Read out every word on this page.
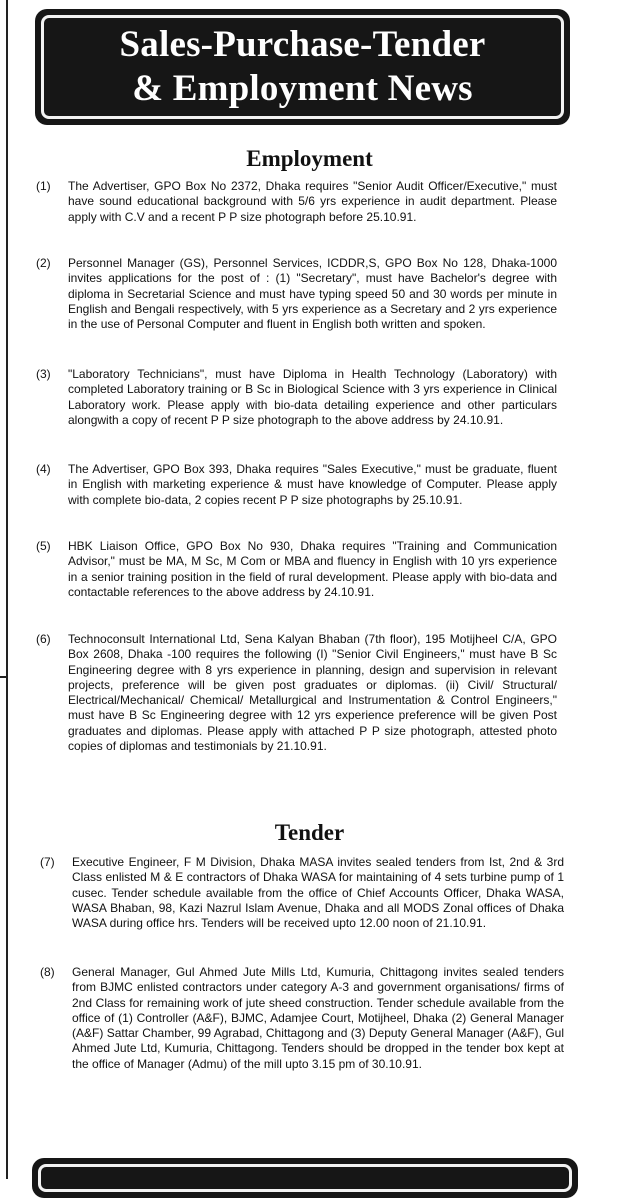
Sales-Purchase-Tender
& Employment News
Employment
(1)	The Advertiser, GPO Box No 2372, Dhaka requires "Senior Audit Officer/Executive," must have sound educational background with 5/6 yrs experience in audit department. Please apply with C.V and a recent P P size photograph before 25.10.91.
(2)	Personnel Manager (GS), Personnel Services, ICDDR,S, GPO Box No 128, Dhaka-1000 invites applications for the post of : (1) "Secretary", must have Bachelor's degree with diploma in Secretarial Science and must have typing speed 50 and 30 words per minute in English and Bengali respectively, with 5 yrs experience as a Secretary and 2 yrs experience in the use of Personal Computer and fluent in English both written and spoken.
(3)	"Laboratory Technicians", must have Diploma in Health Technology (Laboratory) with completed Laboratory training or B Sc in Biological Science with 3 yrs experience in Clinical Laboratory work. Please apply with bio-data detailing experience and other particulars alongwith a copy of recent P P size photograph to the above address by 24.10.91.
(4)	The Advertiser, GPO Box 393, Dhaka requires "Sales Executive," must be graduate, fluent in English with marketing experience & must have knowledge of Computer. Please apply with complete bio-data, 2 copies recent P P size photographs by 25.10.91.
(5)	HBK Liaison Office, GPO Box No 930, Dhaka requires "Training and Communication Advisor," must be MA, M Sc, M Com or MBA and fluency in English with 10 yrs experience in a senior training position in the field of rural development. Please apply with bio-data and contactable references to the above address by 24.10.91.
(6)	Technoconsult International Ltd, Sena Kalyan Bhaban (7th floor), 195 Motijheel C/A, GPO Box 2608, Dhaka -100 requires the following (I) "Senior Civil Engineers," must have B Sc Engineering degree with 8 yrs experience in planning, design and supervision in relevant projects, preference will be given post graduates or diplomas. (ii) Civil/ Structural/ Electrical/Mechanical/ Chemical/ Metallurgical and Instrumentation & Control Engineers," must have B Sc Engineering degree with 12 yrs experience preference will be given Post graduates and diplomas. Please apply with attached P P size photograph, attested photo copies of diplomas and testimonials by 21.10.91.
Tender
(7)	Executive Engineer, F M Division, Dhaka MASA invites sealed tenders from Ist, 2nd & 3rd Class enlisted M & E contractors of Dhaka WASA for maintaining of 4 sets turbine pump of 1 cusec. Tender schedule available from the office of Chief Accounts Officer, Dhaka WASA, WASA Bhaban, 98, Kazi Nazrul Islam Avenue, Dhaka and all MODS Zonal offices of Dhaka WASA during office hrs. Tenders will be received upto 12.00 noon of 21.10.91.
(8)	General Manager, Gul Ahmed Jute Mills Ltd, Kumuria, Chittagong invites sealed tenders from BJMC enlisted contractors under category A-3 and government organisations/ firms of 2nd Class for remaining work of jute sheed construction. Tender schedule available from the office of (1) Controller (A&F), BJMC, Adamjee Court, Motijheel, Dhaka (2) General Manager (A&F) Sattar Chamber, 99 Agrabad, Chittagong and (3) Deputy General Manager (A&F), Gul Ahmed Jute Ltd, Kumuria, Chittagong. Tenders should be dropped in the tender box kept at the office of Manager (Admu) of the mill upto 3.15 pm of 30.10.91.
